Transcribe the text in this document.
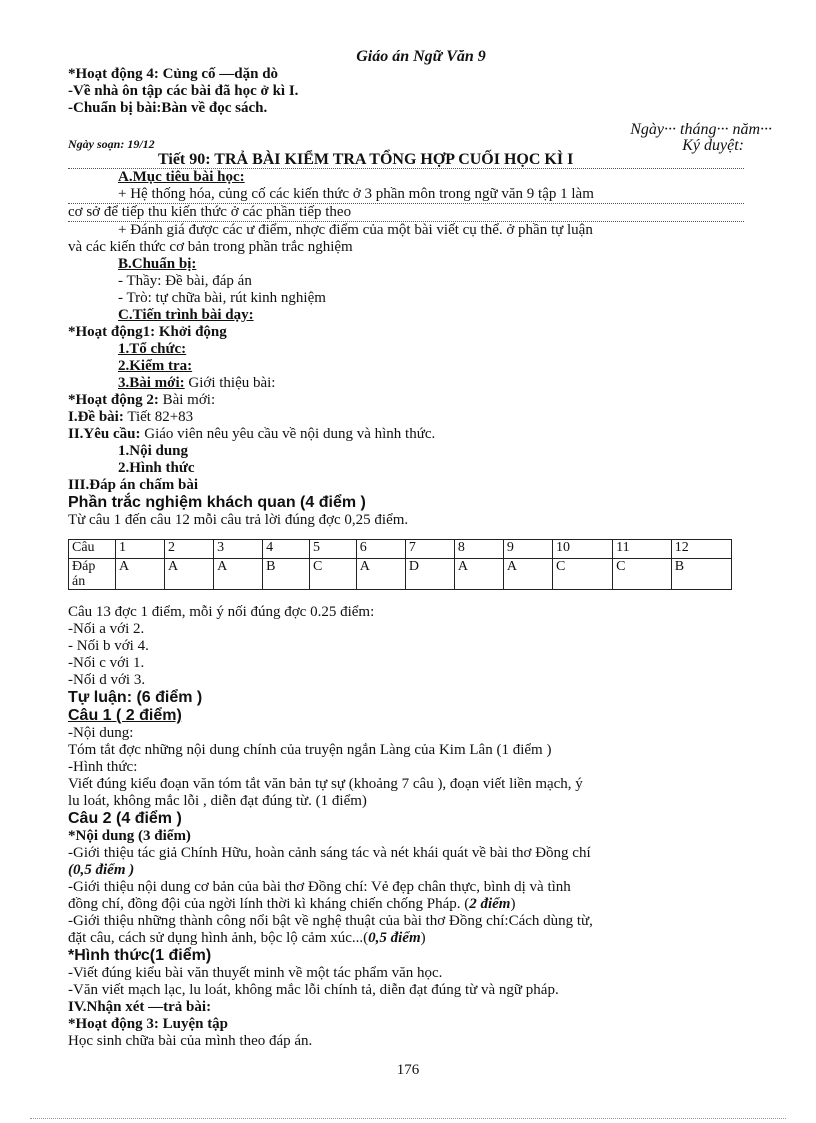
Giáo án Ngữ Văn 9
*Hoạt động 4: Củng cố —dặn dò
-Về nhà ôn tập các bài đã học ở kì I.
-Chuẩn bị bài:Bàn về đọc sách.
Ngày··· tháng··· năm···
Ngày soạn: 19/12	Ký duyệt:
Tiết 90: TRẢ BÀI KIỂM TRA TỔNG HỢP CUỐI HỌC KÌ I
A.Mục tiêu bài học:
+ Hệ thống hóa, củng cố các kiến thức ở 3 phần môn trong ngữ văn 9 tập 1 làm
cơ sở để tiếp thu kiến thức ở các phần tiếp theo
+ Đánh giá được các ư điểm, nhợc điểm của một bài viết cụ thể. ở phần tự luận
và các kiến thức cơ bản trong phần trắc nghiệm
B.Chuẩn bị:
- Thầy: Đề bài, đáp án
- Trò: tự chữa bài, rút kinh nghiệm
C.Tiến trình bài dạy:
*Hoạt động1: Khởi động
1.Tổ chức:
2.Kiểm tra:
3.Bài mới: Giới thiệu bài:
*Hoạt động 2: Bài mới:
I.Đề bài: Tiết 82+83
II.Yêu cầu: Giáo viên nêu yêu cầu về nội dung và hình thức.
1.Nội dung
2.Hình thức
III.Đáp án chấm bài
Phần trắc nghiệm khách quan (4 điểm )
Từ câu 1 đến câu 12 mỗi câu trả lời đúng đợc 0,25 điểm.
Câu	1	2	3	4	5	6	7	8	9	10	11	12
Đáp án	A	A	A	B	C	A	D	A	A	C	C	B
Câu 13 đợc 1 điểm, mỗi ý nối đúng đợc 0.25 điểm:
-Nối a với 2.
- Nối b với 4.
-Nối c với 1.
-Nối d với 3.
Tự luận: (6 điểm )
Câu 1 ( 2 điểm)
-Nội dung:
Tóm tắt đợc những nội dung chính của truyện ngắn Làng của Kim Lân (1 điểm )
-Hình thức:
Viết đúng kiểu đoạn văn tóm tắt văn bản tự sự (khoảng 7 câu ), đoạn viết liền mạch, ý
lu loát, không mắc lỗi , diễn đạt đúng từ. (1 điểm)
Câu 2 (4 điểm )
*Nội dung (3 điểm)
-Giới thiệu tác giả Chính Hữu, hoàn cảnh sáng tác và nét khái quát về bài thơ Đồng chí
(0,5 điểm )
-Giới thiệu nội dung cơ bản của bài thơ Đồng chí: Vẻ đẹp chân thực, bình dị và tình
đồng chí, đồng đội của ngời lính thời kì kháng chiến chống Pháp. (2 điểm)
-Giới thiệu những thành công nổi bật về nghệ thuật của bài thơ Đồng chí:Cách dùng từ,
đặt câu, cách sử dụng hình ảnh, bộc lộ cảm xúc...(0,5 điểm)
*Hình thức(1 điểm)
-Viết đúng kiểu bài văn thuyết minh về một tác phẩm văn học.
-Văn viết mạch lạc, lu loát, không mắc lỗi chính tả, diễn đạt đúng từ và ngữ pháp.
IV.Nhận xét —trả bài:
*Hoạt động 3: Luyện tập
Học sinh chữa bài của mình theo đáp án.
176
